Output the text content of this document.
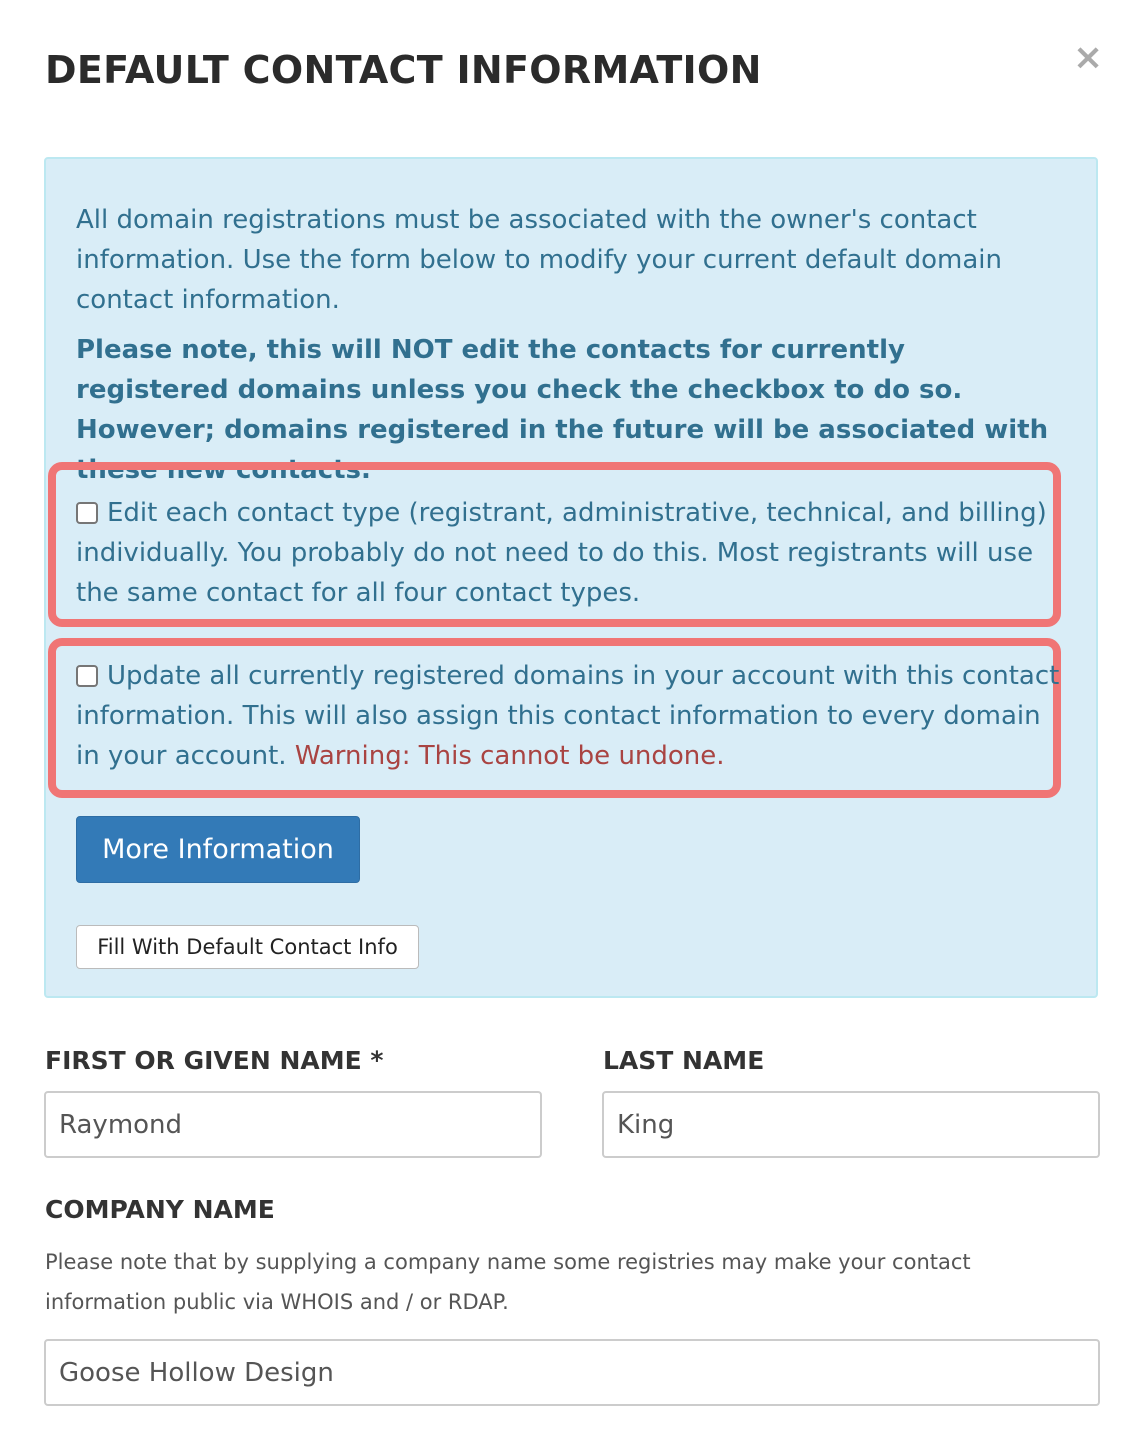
DEFAULT CONTACT INFORMATION	×

All domain registrations must be associated with the owner's contact information. Use the form below to modify your current default domain contact information.

Please note, this will NOT edit the contacts for currently registered domains unless you check the checkbox to do so. However; domains registered in the future will be associated with these new contacts.

Edit each contact type (registrant, administrative, technical, and billing) individually. You probably do not need to do this. Most registrants will use the same contact for all four contact types.

Update all currently registered domains in your account with this contact information. This will also assign this contact information to every domain in your account. Warning: This cannot be undone.

More Information
Fill With Default Contact Info

FIRST OR GIVEN NAME *	LAST NAME

Raymond	King

COMPANY NAME

Please note that by supplying a company name some registries may make your contact information public via WHOIS and / or RDAP.

Goose Hollow Design
